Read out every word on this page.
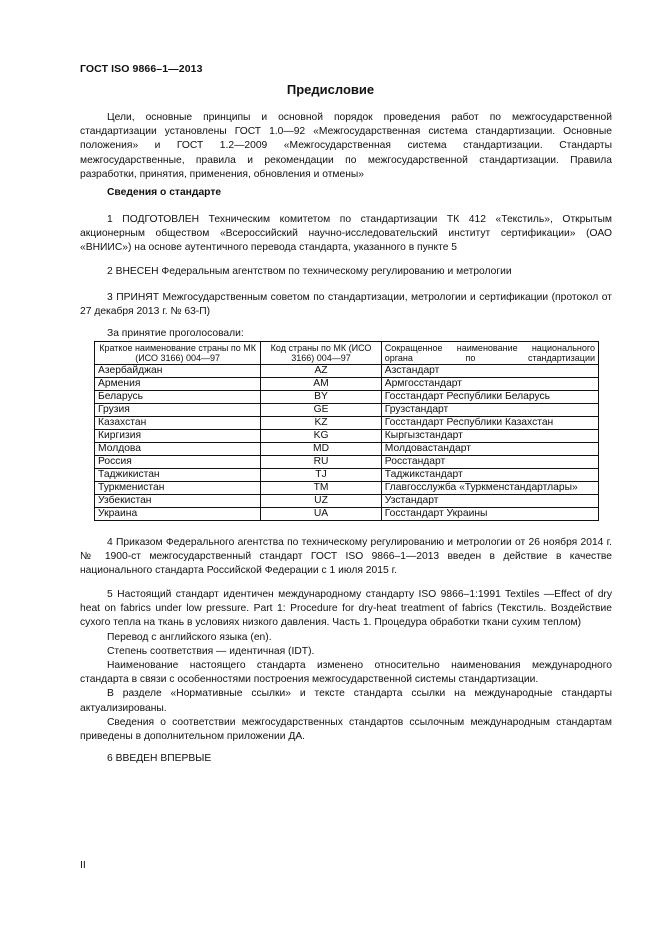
ГОСТ ISO 9866–1—2013
Предисловие

Цели, основные принципы и основной порядок проведения работ по межгосударственной стандартизации установлены ГОСТ 1.0—92 «Межгосударственная система стандартизации. Основные положения» и ГОСТ 1.2—2009 «Межгосударственная система стандартизации. Стандарты межгосударственные, правила и рекомендации по межгосударственной стандартизации. Правила разработки, принятия, применения, обновления и отмены»

Сведения о стандарте

1 ПОДГОТОВЛЕН Техническим комитетом по стандартизации ТК 412 «Текстиль», Открытым акционерным обществом «Всероссийский научно-исследовательский институт сертификации» (ОАО «ВНИИС») на основе аутентичного перевода стандарта, указанного в пункте 5

2 ВНЕСЕН Федеральным агентством по техническому регулированию и метрологии

3 ПРИНЯТ Межгосударственным советом по стандартизации, метрологии и сертификации (протокол от 27 декабря 2013 г. № 63-П)

За принятие проголосовали:
Краткое наименование страны по МК (ИСО 3166) 004—97	Код страны по МК (ИСО 3166) 004—97	Сокращенное наименование национального органа по стандартизации
Азербайджан	AZ	Азстандарт
Армения	AM	Армгосстандарт
Беларусь	BY	Госстандарт Республики Беларусь
Грузия	GE	Грузстандарт
Казахстан	KZ	Госстандарт Республики Казахстан
Киргизия	KG	Кыргызстандарт
Молдова	MD	Молдовастандарт
Россия	RU	Росстандарт
Таджикистан	TJ	Таджикстандарт
Туркменистан	TM	Главгосслужба «Туркменстандартлары»
Узбекистан	UZ	Узстандарт
Украина	UA	Госстандарт Украины

4 Приказом Федерального агентства по техническому регулированию и метрологии от 26 ноября 2014 г. № 1900-ст межгосударственный стандарт ГОСТ ISO 9866–1—2013 введен в действие в качестве национального стандарта Российской Федерации с 1 июля 2015 г.

5 Настоящий стандарт идентичен международному стандарту ISO 9866–1:1991 Textiles —Effect of dry heat on fabrics under low pressure. Part 1: Procedure for dry-heat treatment of fabrics (Текстиль. Воздействие сухого тепла на ткань в условиях низкого давления. Часть 1. Процедура обработки ткани сухим теплом)

Перевод с английского языка (en).

Степень соответствия — идентичная (IDT).

Наименование настоящего стандарта изменено относительно наименования международного стандарта в связи с особенностями построения межгосударственной системы стандартизации.

В разделе «Нормативные ссылки» и тексте стандарта ссылки на международные стандарты актуализированы.

Сведения о соответствии межгосударственных стандартов ссылочным международным стандартам приведены в дополнительном приложении ДА.

6 ВВЕДЕН ВПЕРВЫЕ

II
